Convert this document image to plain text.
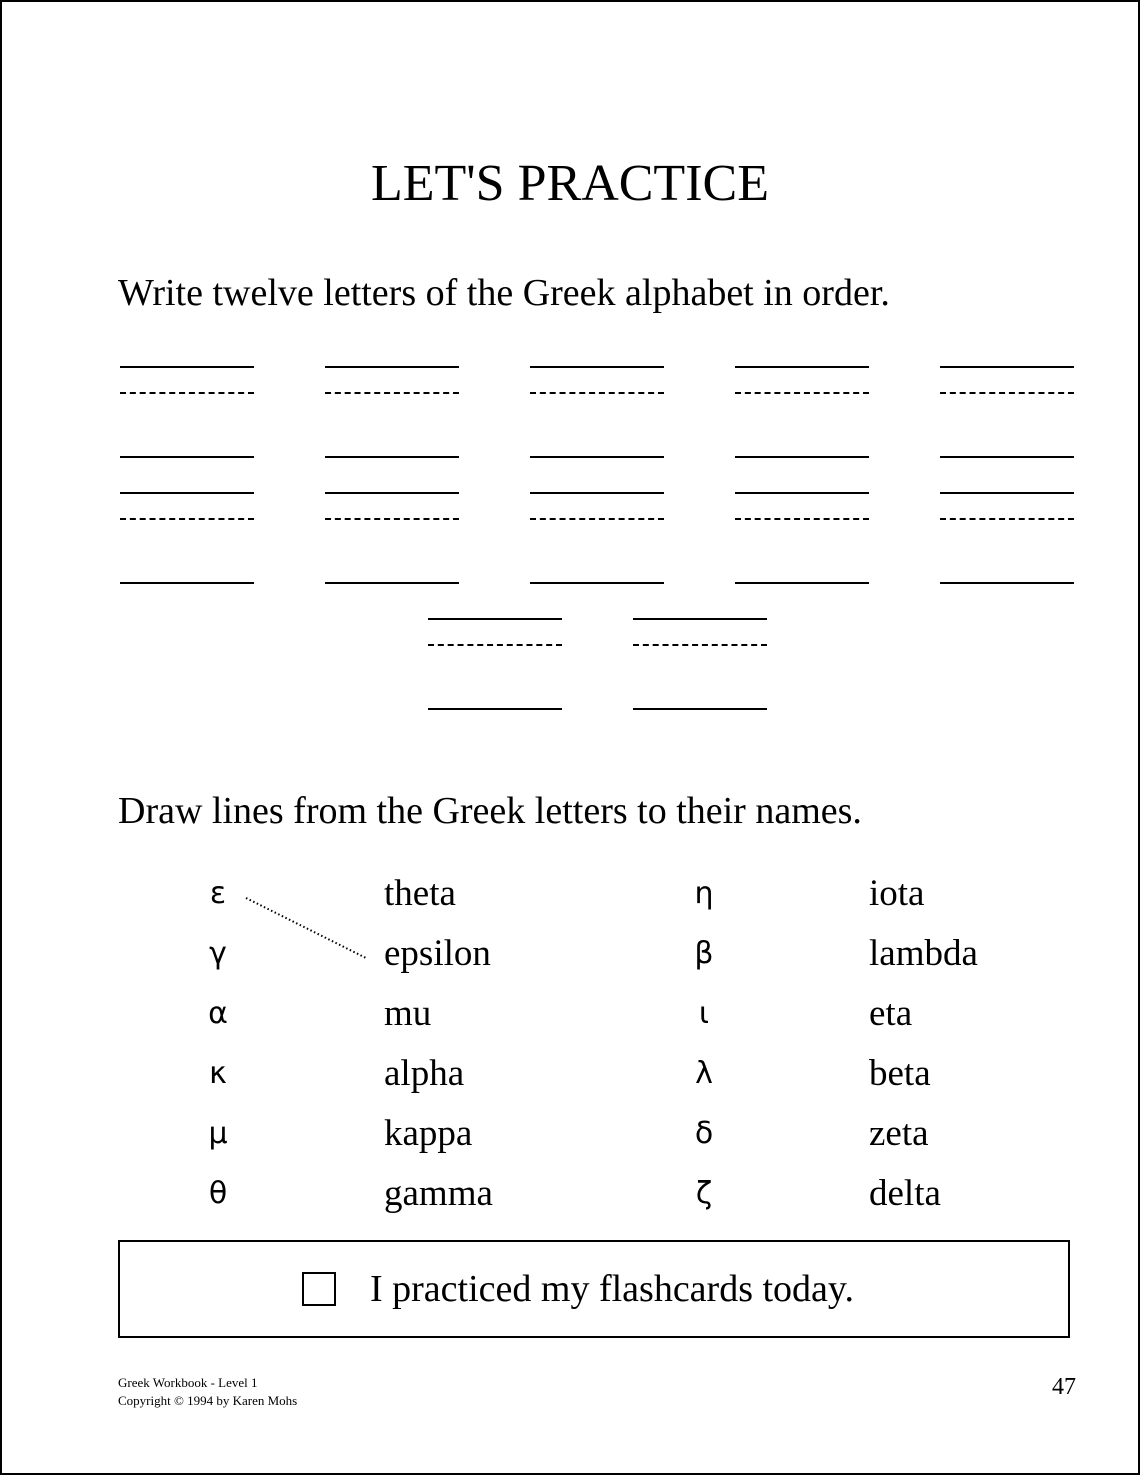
LET'S PRACTICE
Write twelve letters of the Greek alphabet in order.
Draw lines from the Greek letters to their names.
ε
γ
α
κ
μ
θ
theta
epsilon
mu
alpha
kappa
gamma
η
β
ι
λ
δ
ζ
iota
lambda
eta
beta
zeta
delta
I practiced my flashcards today.
Greek Workbook - Level 1
Copyright © 1994 by Karen Mohs
47
